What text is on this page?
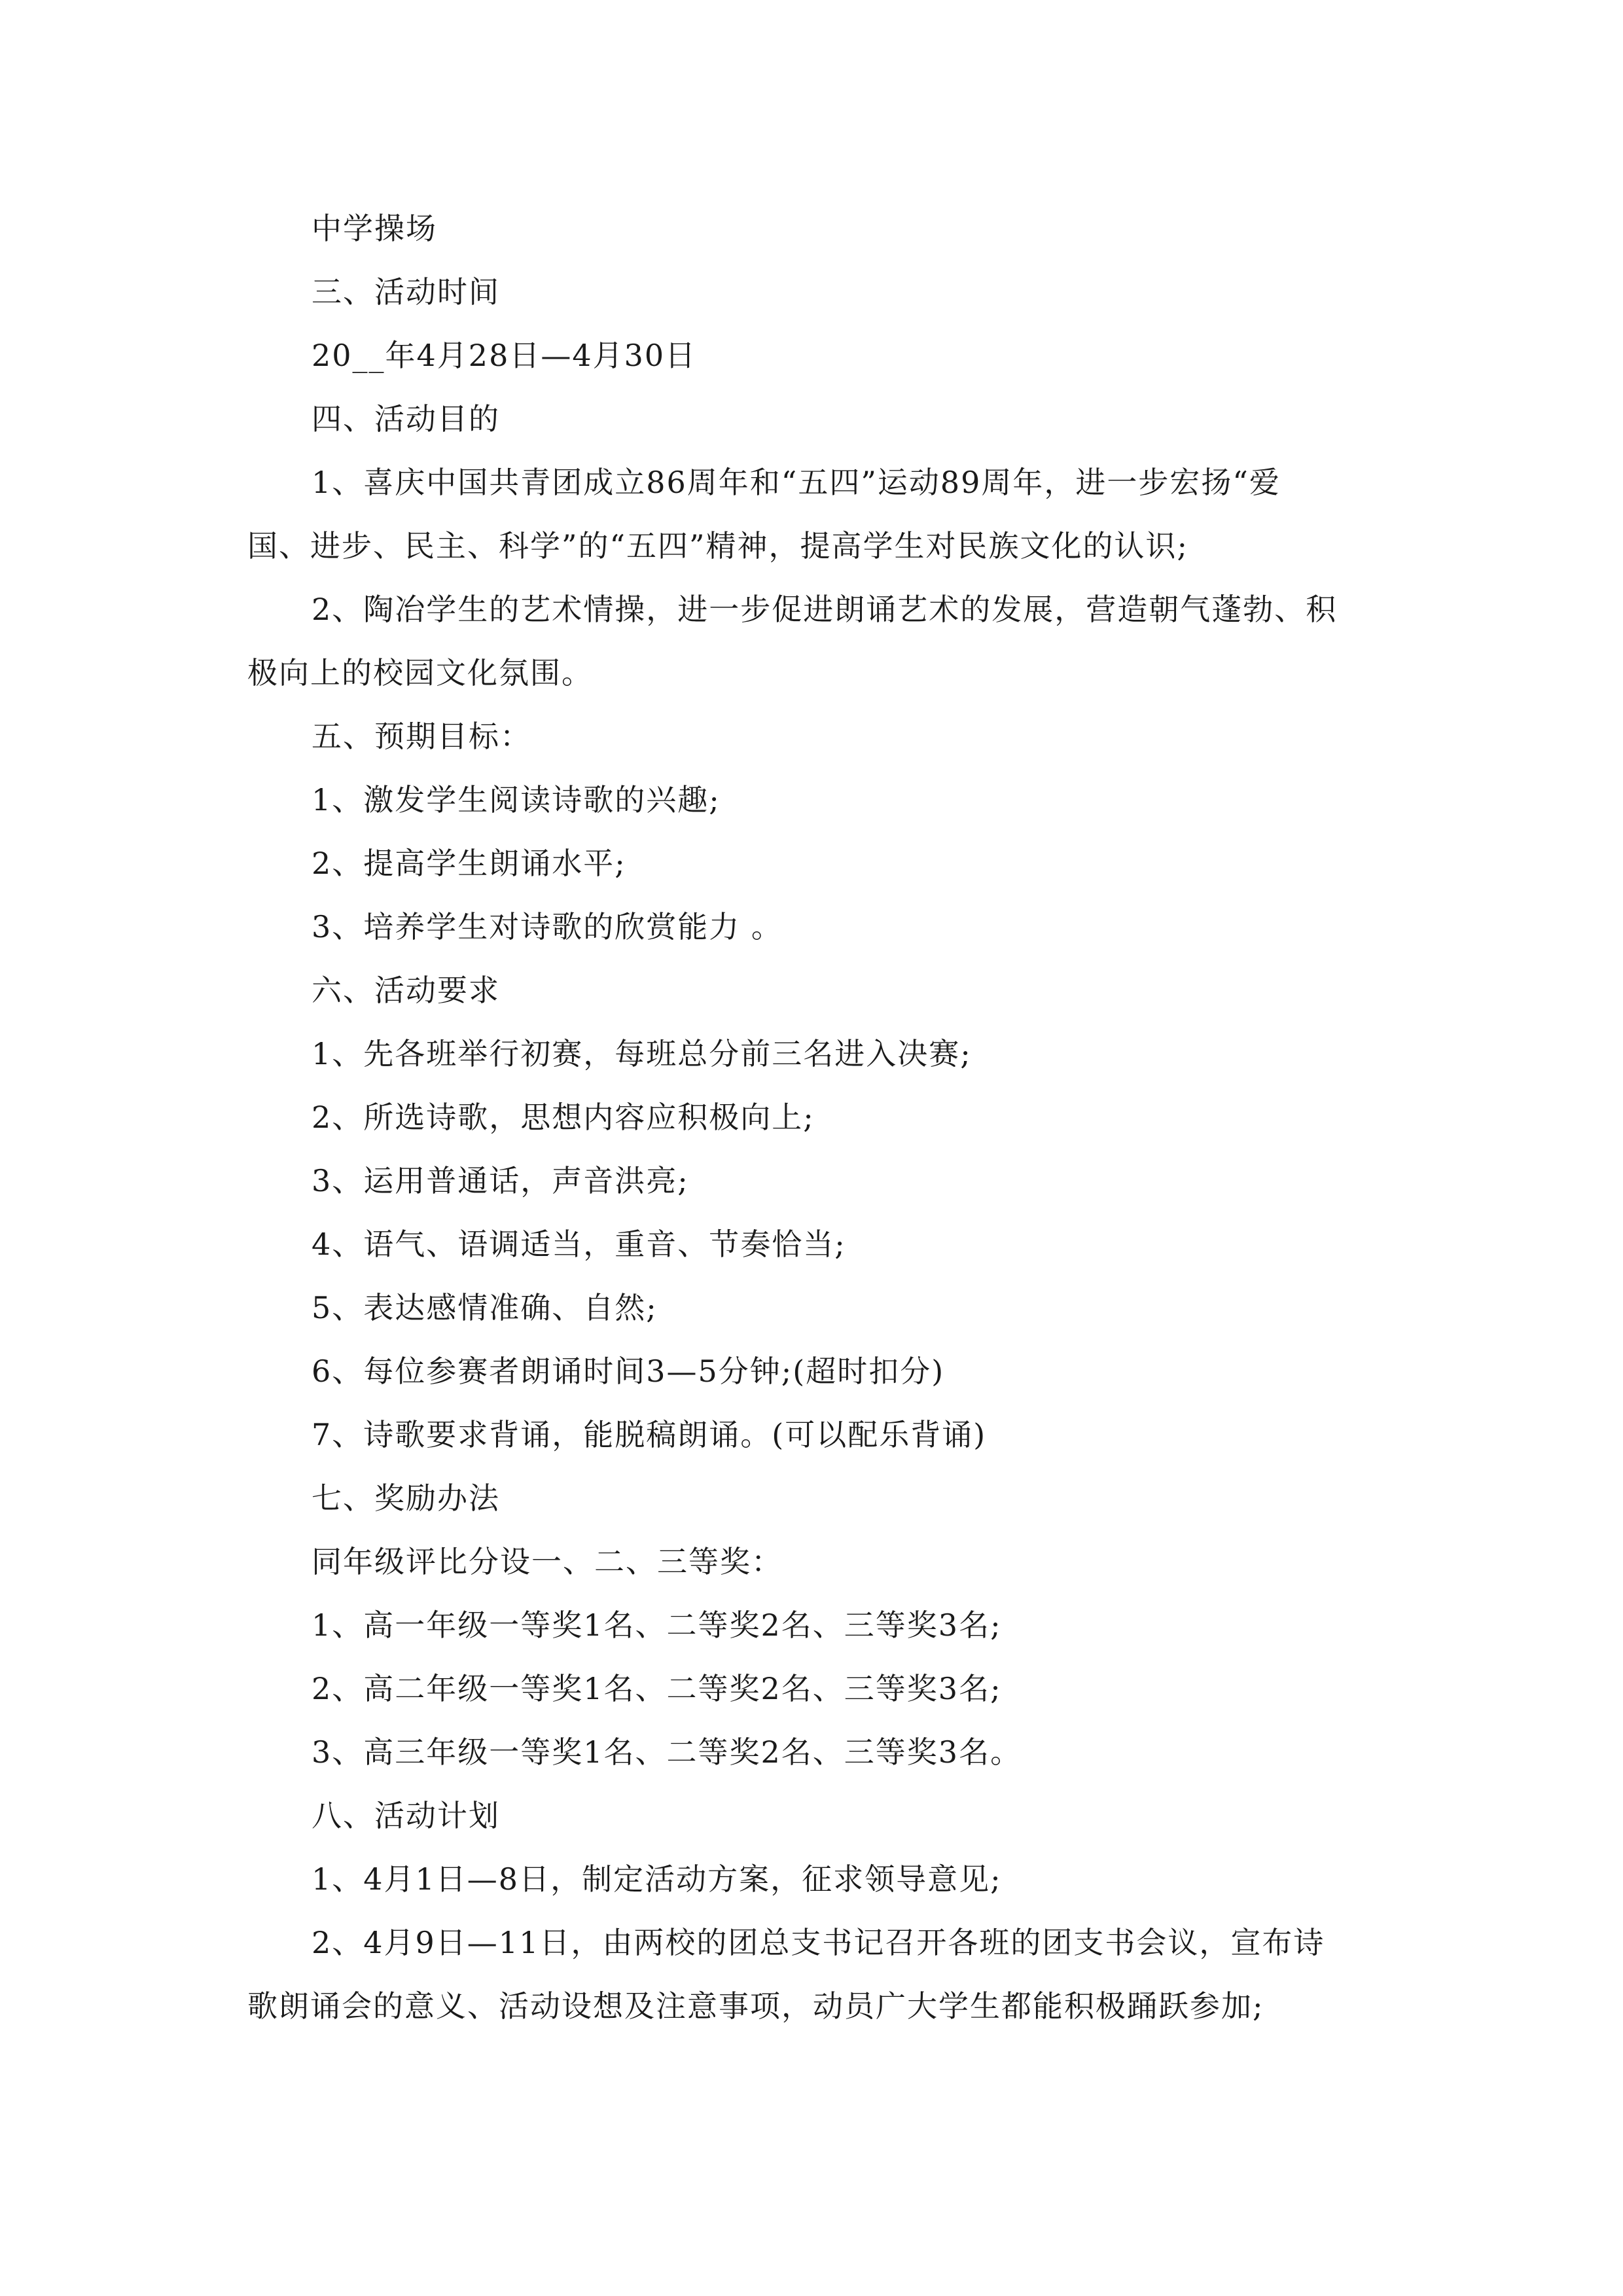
中学操场

三、活动时间

20__年4月28日—4月30日

四、活动目的

1、喜庆中国共青团成立86周年和“五四”运动89周年，进一步宏扬“爱

国、进步、民主、科学”的“五四”精神，提高学生对民族文化的认识;

2、陶冶学生的艺术情操，进一步促进朗诵艺术的发展，营造朝气蓬勃、积

极向上的校园文化氛围。

五、预期目标：

1、激发学生阅读诗歌的兴趣;

2、提高学生朗诵水平;

3、培养学生对诗歌的欣赏能力 。

六、活动要求

1、先各班举行初赛，每班总分前三名进入决赛;

2、所选诗歌，思想内容应积极向上;

3、运用普通话，声音洪亮;

4、语气、语调适当，重音、节奏恰当;

5、表达感情准确、自然;

6、每位参赛者朗诵时间3—5分钟;(超时扣分)

7、诗歌要求背诵，能脱稿朗诵。(可以配乐背诵)

七、奖励办法

同年级评比分设一、二、三等奖：

1、高一年级一等奖1名、二等奖2名、三等奖3名;

2、高二年级一等奖1名、二等奖2名、三等奖3名;

3、高三年级一等奖1名、二等奖2名、三等奖3名。

八、活动计划

1、4月1日—8日，制定活动方案，征求领导意见;

2、4月9日—11日，由两校的团总支书记召开各班的团支书会议，宣布诗

歌朗诵会的意义、活动设想及注意事项，动员广大学生都能积极踊跃参加;
